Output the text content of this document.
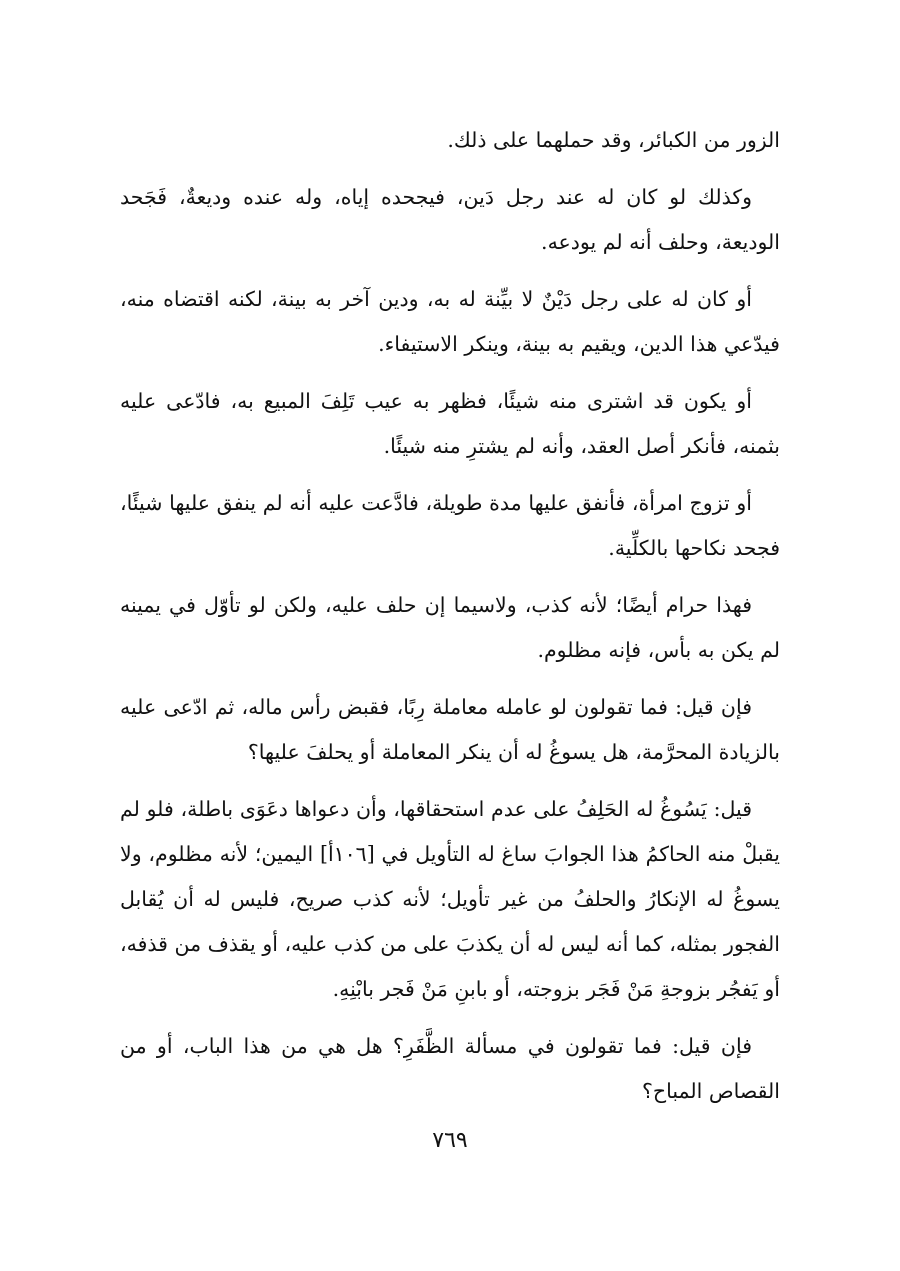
الزور من الكبائر، وقد حملهما على ذلك.

وكذلك لو كان له عند رجل دَين، فيجحده إياه، وله عنده وديعةٌ، فَجَحد الوديعة، وحلف أنه لم يودعه.

أو كان له على رجل دَيْنٌ لا بيِّنة له به، ودين آخر به بينة، لكنه اقتضاه منه، فيدّعي هذا الدين، ويقيم به بينة، وينكر الاستيفاء.

أو يكون قد اشترى منه شيئًا، فظهر به عيب تَلِفَ المبيع به، فادّعى عليه بثمنه، فأنكر أصل العقد، وأنه لم يشترِ منه شيئًا.

أو تزوج امرأة، فأنفق عليها مدة طويلة، فادَّعت عليه أنه لم ينفق عليها شيئًا، فجحد نكاحها بالكلِّية.

فهذا حرام أيضًا؛ لأنه كذب، ولاسيما إن حلف عليه، ولكن لو تأوّل في يمينه لم يكن به بأس، فإنه مظلوم.

فإن قيل: فما تقولون لو عامله معاملة رِبًا، فقبض رأس ماله، ثم ادّعى عليه بالزيادة المحرَّمة، هل يسوغُ له أن ينكر المعاملة أو يحلفَ عليها؟

قيل: يَسُوغُ له الحَلِفُ على عدم استحقاقها، وأن دعواها دعَوَى باطلة، فلو لم يقبلْ منه الحاكمُ هذا الجوابَ ساغ له التأويل في [١٠٦أ] اليمين؛ لأنه مظلوم، ولا يسوغُ له الإنكارُ والحلفُ من غير تأويل؛ لأنه كذب صريح، فليس له أن يُقابل الفجور بمثله، كما أنه ليس له أن يكذبَ على من كذب عليه، أو يقذف من قذفه، أو يَفجُر بزوجةِ مَنْ فَجَر بزوجته، أو بابنِ مَنْ فَجر بابْنِهِ.

فإن قيل: فما تقولون في مسألة الظَّفَرِ؟ هل هي من هذا الباب، أو من القصاص المباح؟

٧٦٩
